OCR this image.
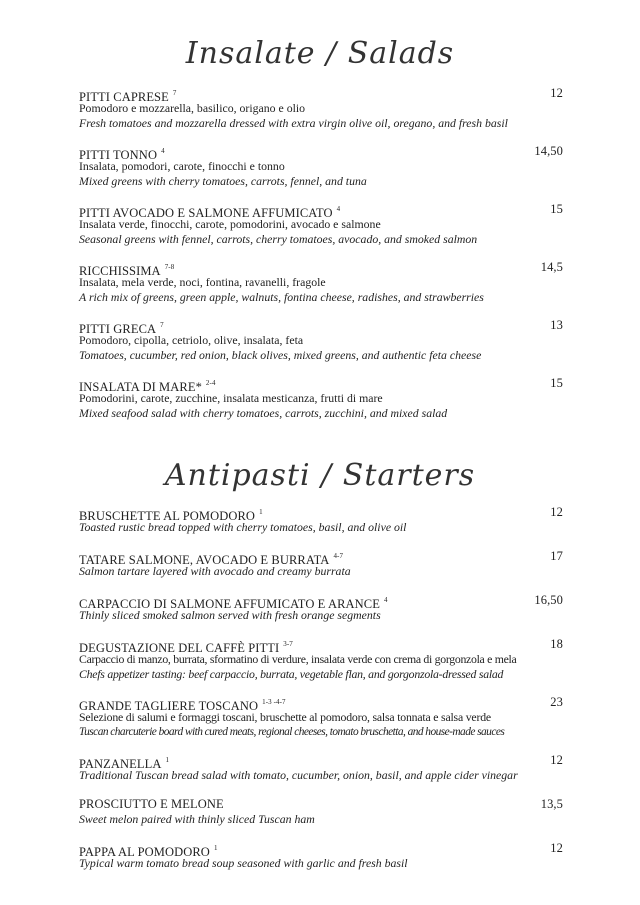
Insalate / Salads
PITTI CAPRESE $^7$	12
Pomodoro e mozzarella, basilico, origano e olio
Fresh tomatoes and mozzarella dressed with extra virgin olive oil, oregano, and fresh basil
PITTI TONNO $^4$	14,50
Insalata, pomodori, carote, finocchi e tonno
Mixed greens with cherry tomatoes, carrots, fennel, and tuna
PITTI AVOCADO E SALMONE AFFUMICATO $^4$	15
Insalata verde, finocchi, carote, pomodorini, avocado e salmone
Seasonal greens with fennel, carrots, cherry tomatoes, avocado, and smoked salmon
RICCHISSIMA $^{7-8}$	14,5
Insalata, mela verde, noci, fontina, ravanelli, fragole
A rich mix of greens, green apple, walnuts, fontina cheese, radishes, and strawberries
PITTI GRECA $^7$	13
Pomodoro, cipolla, cetriolo, olive, insalata, feta
Tomatoes, cucumber, red onion, black olives, mixed greens, and authentic feta cheese
INSALATA DI MARE* $^{2-4}$	15
Pomodorini, carote, zucchine, insalata mesticanza, frutti di mare
Mixed seafood salad with cherry tomatoes, carrots, zucchini, and mixed salad
Antipasti / Starters
BRUSCHETTE AL POMODORO $^1$	12
Toasted rustic bread topped with cherry tomatoes, basil, and olive oil
TATARE SALMONE, AVOCADO E BURRATA $^{4-7}$	17
Salmon tartare layered with avocado and creamy burrata
CARPACCIO DI SALMONE AFFUMICATO E ARANCE $^4$	16,50
Thinly sliced smoked salmon served with fresh orange segments
DEGUSTAZIONE DEL CAFFÈ PITTI $^{3-7}$	18
Carpaccio di manzo, burrata, sformatino di verdure, insalata verde con crema di gorgonzola e mela
Chefs appetizer tasting: beef carpaccio, burrata, vegetable flan, and gorgonzola-dressed salad
GRANDE TAGLIERE TOSCANO $^{1-3 -4-7}$	23
Selezione di salumi e formaggi toscani, bruschette al pomodoro, salsa tonnata e salsa verde
Tuscan charcuterie board with cured meats, regional cheeses, tomato bruschetta, and house-made sauces
PANZANELLA $^1$	12
Traditional Tuscan bread salad with tomato, cucumber, onion, basil, and apple cider vinegar
PROSCIUTTO E MELONE	13,5
Sweet melon paired with thinly sliced Tuscan ham
PAPPA AL POMODORO $^1$	12
Typical warm tomato bread soup seasoned with garlic and fresh basil
